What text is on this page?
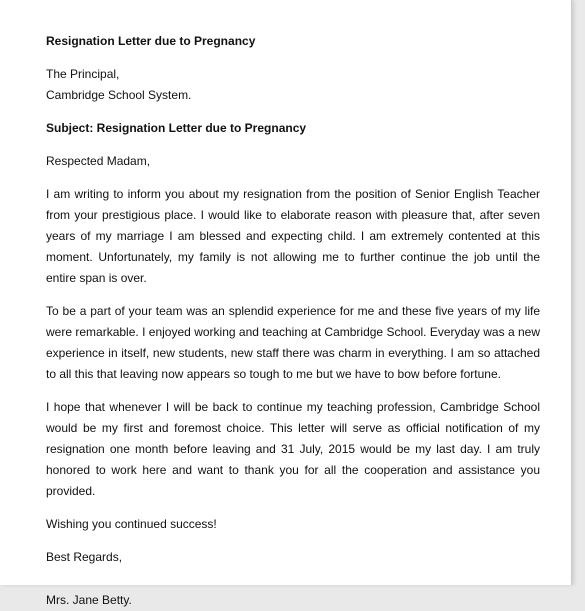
Resignation Letter due to Pregnancy

The Principal,
Cambridge School System.

Subject: Resignation Letter due to Pregnancy

Respected Madam,

I am writing to inform you about my resignation from the position of Senior English Teacher from your prestigious place. I would like to elaborate reason with pleasure that, after seven years of my marriage I am blessed and expecting child. I am extremely contented at this moment. Unfortunately, my family is not allowing me to further continue the job until the entire span is over.

To be a part of your team was an splendid experience for me and these five years of my life were remarkable. I enjoyed working and teaching at Cambridge School. Everyday was a new experience in itself, new students, new staff there was charm in everything. I am so attached to all this that leaving now appears so tough to me but we have to bow before fortune.

I hope that whenever I will be back to continue my teaching profession, Cambridge School would be my first and foremost choice. This letter will serve as official notification of my resignation one month before leaving and 31 July, 2015 would be my last day. I am truly honored to work here and want to thank you for all the cooperation and assistance you provided.

Wishing you continued success!

Best Regards,

Mrs. Jane Betty.
